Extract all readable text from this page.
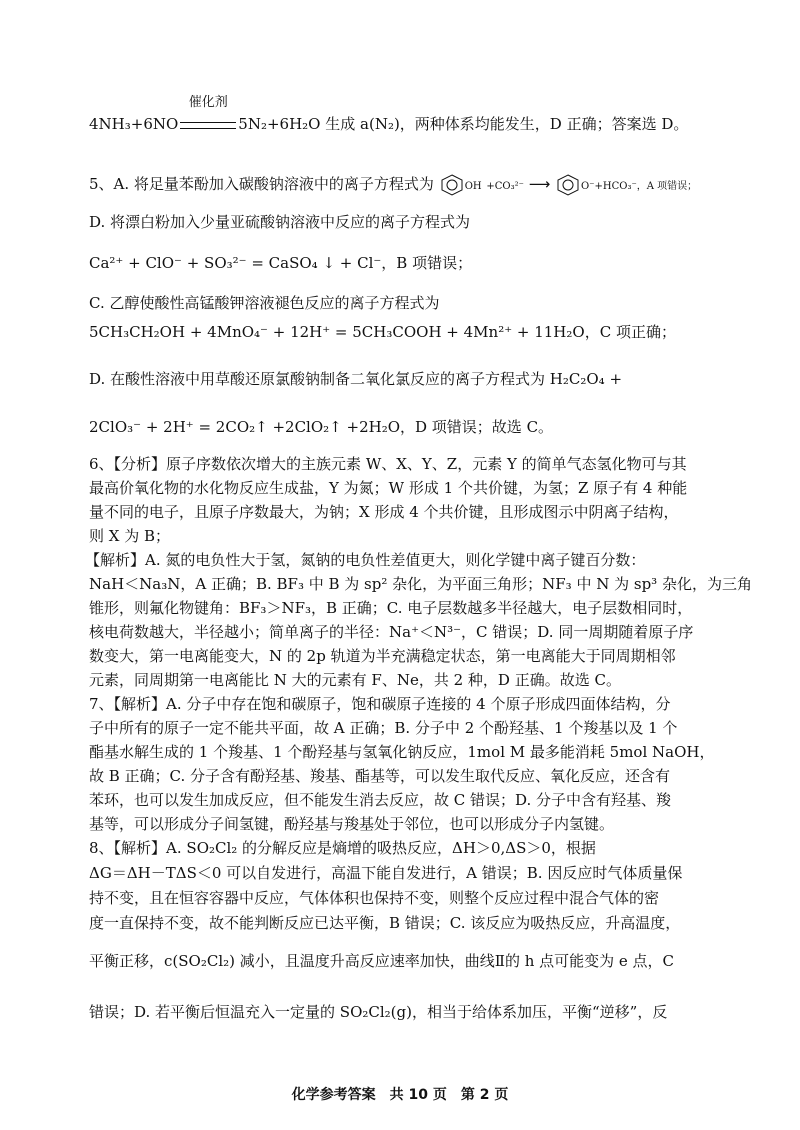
4NH₃+6NO
催化剂
5N₂+6H₂O 生成 a(N₂)，两种体系均能发生，D 正确；答案选 D。
5、A. 将足量苯酚加入碳酸钠溶液中的离子方程式为	OH +CO₃²⁻ ⟶	O⁻+HCO₃⁻，A 项错误；
D. 将漂白粉加入少量亚硫酸钠溶液中反应的离子方程式为
Ca²⁺ + ClO⁻ + SO₃²⁻ = CaSO₄ ↓ + Cl⁻，B 项错误；
C. 乙醇使酸性高锰酸钾溶液褪色反应的离子方程式为
5CH₃CH₂OH + 4MnO₄⁻ + 12H⁺ = 5CH₃COOH + 4Mn²⁺ + 11H₂O，C 项正确；
D. 在酸性溶液中用草酸还原氯酸钠制备二氧化氯反应的离子方程式为 H₂C₂O₄ +
2ClO₃⁻ + 2H⁺ = 2CO₂↑ +2ClO₂↑ +2H₂O，D 项错误；故选 C。
6、【分析】原子序数依次增大的主族元素 W、X、Y、Z，元素 Y 的简单气态氢化物可与其
最高价氧化物的水化物反应生成盐，Y 为氮；W 形成 1 个共价键，为氢；Z 原子有 4 种能
量不同的电子，且原子序数最大，为钠；X 形成 4 个共价键，且形成图示中阴离子结构，
则 X 为 B；
【解析】A. 氮的电负性大于氢，氮钠的电负性差值更大，则化学键中离子键百分数：
NaH＜Na₃N，A 正确；B. BF₃ 中 B 为 sp² 杂化，为平面三角形；NF₃ 中 N 为 sp³ 杂化，为三角
锥形，则氟化物键角：BF₃＞NF₃，B 正确；C. 电子层数越多半径越大，电子层数相同时，
核电荷数越大，半径越小；简单离子的半径：Na⁺＜N³⁻，C 错误；D. 同一周期随着原子序
数变大，第一电离能变大，N 的 2p 轨道为半充满稳定状态，第一电离能大于同周期相邻
元素，同周期第一电离能比 N 大的元素有 F、Ne，共 2 种，D 正确。故选 C。
7、【解析】A. 分子中存在饱和碳原子，饱和碳原子连接的 4 个原子形成四面体结构，分
子中所有的原子一定不能共平面，故 A 正确；B. 分子中 2 个酚羟基、1 个羧基以及 1 个
酯基水解生成的 1 个羧基、1 个酚羟基与氢氧化钠反应，1mol M 最多能消耗 5mol NaOH，
故 B 正确；C. 分子含有酚羟基、羧基、酯基等，可以发生取代反应、氧化反应，还含有
苯环，也可以发生加成反应，但不能发生消去反应，故 C 错误；D. 分子中含有羟基、羧
基等，可以形成分子间氢键，酚羟基与羧基处于邻位，也可以形成分子内氢键。
8、【解析】A. SO₂Cl₂ 的分解反应是熵增的吸热反应，ΔH＞0,ΔS＞0，根据
ΔG＝ΔH－TΔS＜0 可以自发进行，高温下能自发进行，A 错误；B. 因反应时气体质量保
持不变，且在恒容容器中反应，气体体积也保持不变，则整个反应过程中混合气体的密
度一直保持不变，故不能判断反应已达平衡，B 错误；C. 该反应为吸热反应，升高温度，
平衡正移，c(SO₂Cl₂) 减小，且温度升高反应速率加快，曲线Ⅱ的 h 点可能变为 e 点，C
错误；D. 若平衡后恒温充入一定量的 SO₂Cl₂(g)，相当于给体系加压，平衡“逆移”，反
化学参考答案　共 10 页　第 2 页
